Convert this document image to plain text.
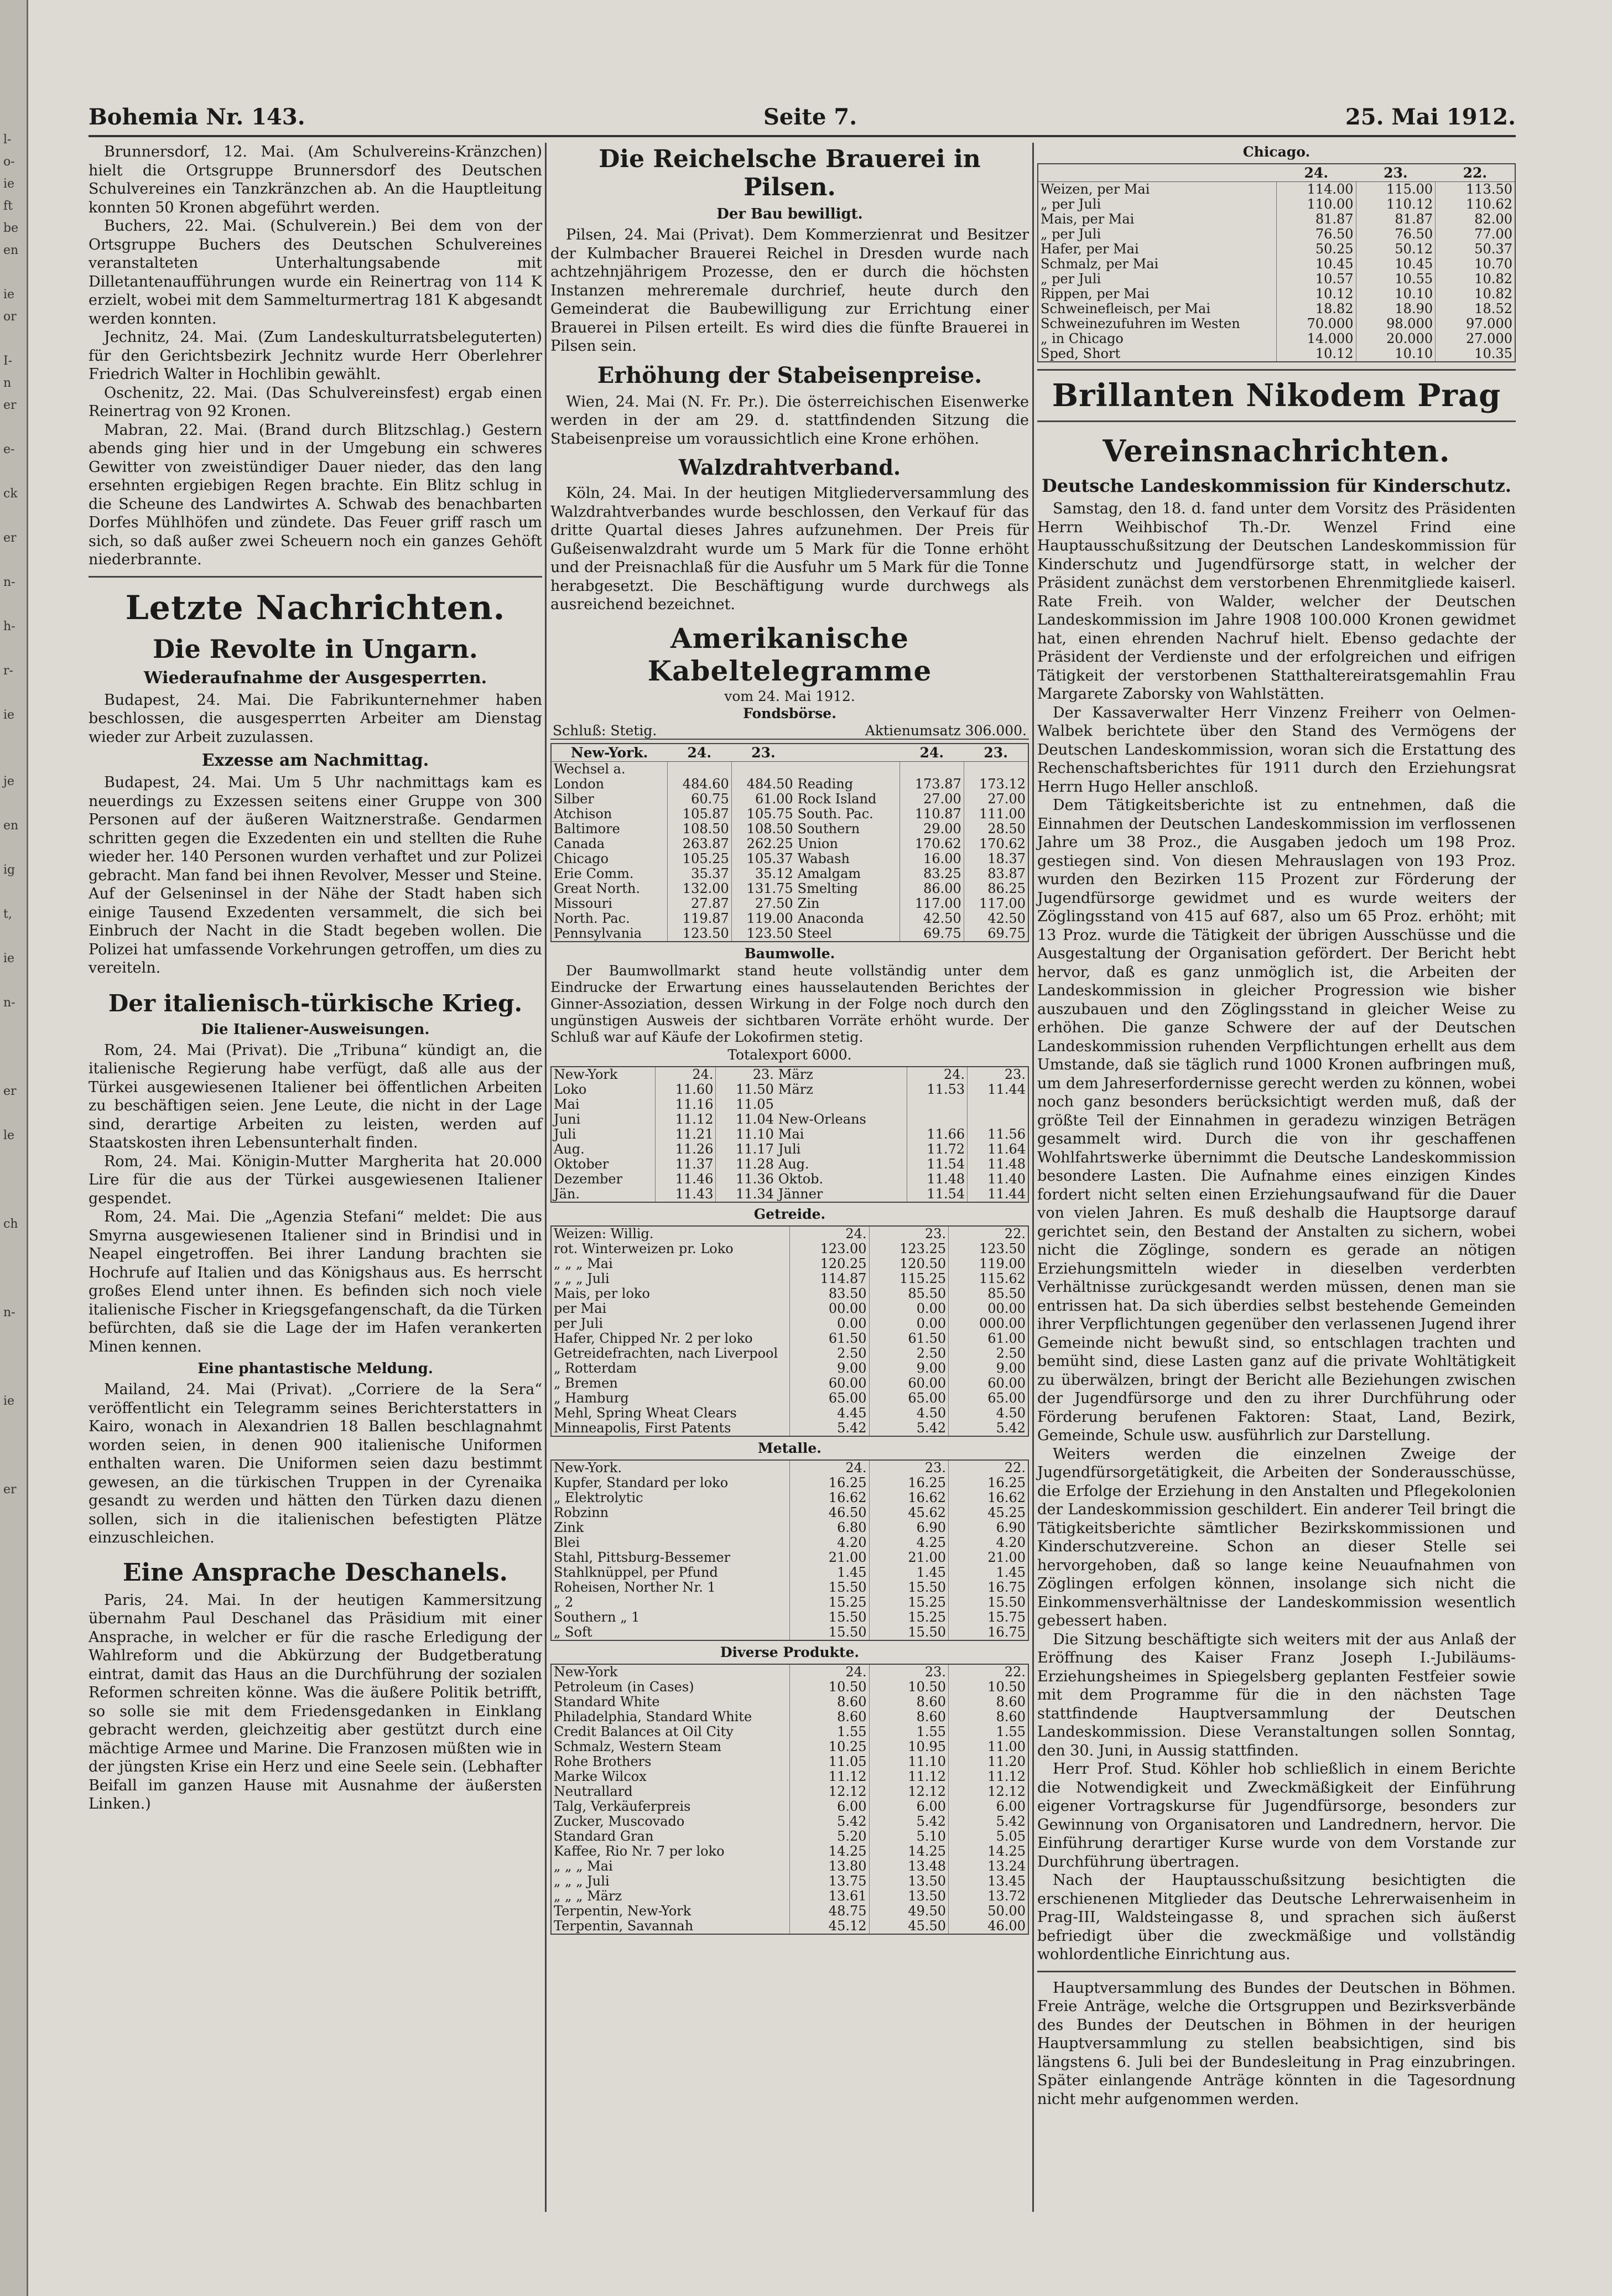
l-
o-
ie
ft
be
en
ie
or
I-
n
er
e-
ck
er
n-
h-
r-
ie
je
en
ig
t,
ie
n-
er
le
ch
n-
ie
er
Bohemia Nr. 143.	Seite 7.	25. Mai 1912.

Brunnersdorf, 12. Mai. (Am Schulvereins-Kränzchen) hielt die Ortsgruppe Brunnersdorf des Deutschen Schulvereines ein Tanzkränzchen ab. An die Hauptleitung konnten 50 Kronen abgeführt werden.

Buchers, 22. Mai. (Schulverein.) Bei dem von der Ortsgruppe Buchers des Deutschen Schulvereines veranstalteten Unterhaltungsabende mit Dilletantenaufführungen wurde ein Reinertrag von 114 K erzielt, wobei mit dem Sammelturmertrag 181 K abgesandt werden konnten.

Jechnitz, 24. Mai. (Zum Landeskulturratsbeleguterten) für den Gerichtsbezirk Jechnitz wurde Herr Oberlehrer Friedrich Walter in Hochlibin gewählt.

Oschenitz, 22. Mai. (Das Schulvereinsfest) ergab einen Reinertrag von 92 Kronen.

Mabran, 22. Mai. (Brand durch Blitzschlag.) Gestern abends ging hier und in der Umgebung ein schweres Gewitter von zweistündiger Dauer nieder, das den lang ersehnten ergiebigen Regen brachte. Ein Blitz schlug in die Scheune des Landwirtes A. Schwab des benachbarten Dorfes Mühlhöfen und zündete. Das Feuer griff rasch um sich, so daß außer zwei Scheuern noch ein ganzes Gehöft niederbrannte.

Letzte Nachrichten.
Die Revolte in Ungarn.
Wiederaufnahme der Ausgesperrten.

Budapest, 24. Mai. Die Fabrikunternehmer haben beschlossen, die ausgesperrten Arbeiter am Dienstag wieder zur Arbeit zuzulassen.

Exzesse am Nachmittag.

Budapest, 24. Mai. Um 5 Uhr nachmittags kam es neuerdings zu Exzessen seitens einer Gruppe von 300 Personen auf der äußeren Waitznerstraße. Gendarmen schritten gegen die Exzedenten ein und stellten die Ruhe wieder her. 140 Personen wurden verhaftet und zur Polizei gebracht. Man fand bei ihnen Revolver, Messer und Steine. Auf der Gelseninsel in der Nähe der Stadt haben sich einige Tausend Exzedenten versammelt, die sich bei Einbruch der Nacht in die Stadt begeben wollen. Die Polizei hat umfassende Vorkehrungen getroffen, um dies zu vereiteln.

Der italienisch-türkische Krieg.
Die Italiener-Ausweisungen.

Rom, 24. Mai (Privat). Die „Tribuna“ kündigt an, die italienische Regierung habe verfügt, daß alle aus der Türkei ausgewiesenen Italiener bei öffentlichen Arbeiten zu beschäftigen seien. Jene Leute, die nicht in der Lage sind, derartige Arbeiten zu leisten, werden auf Staatskosten ihren Lebensunterhalt finden.

Rom, 24. Mai. Königin-Mutter Margherita hat 20.000 Lire für die aus der Türkei ausgewiesenen Italiener gespendet.

Rom, 24. Mai. Die „Agenzia Stefani“ meldet: Die aus Smyrna ausgewiesenen Italiener sind in Brindisi und in Neapel eingetroffen. Bei ihrer Landung brachten sie Hochrufe auf Italien und das Königshaus aus. Es herrscht großes Elend unter ihnen. Es befinden sich noch viele italienische Fischer in Kriegsgefangenschaft, da die Türken befürchten, daß sie die Lage der im Hafen verankerten Minen kennen.

Eine phantastische Meldung.

Mailand, 24. Mai (Privat). „Corriere de la Sera“ veröffentlicht ein Telegramm seines Berichterstatters in Kairo, wonach in Alexandrien 18 Ballen beschlagnahmt worden seien, in denen 900 italienische Uniformen enthalten waren. Die Uniformen seien dazu bestimmt gewesen, an die türkischen Truppen in der Cyrenaika gesandt zu werden und hätten den Türken dazu dienen sollen, sich in die italienischen befestigten Plätze einzuschleichen.

Eine Ansprache Deschanels.

Paris, 24. Mai. In der heutigen Kammersitzung übernahm Paul Deschanel das Präsidium mit einer Ansprache, in welcher er für die rasche Erledigung der Wahlreform und die Abkürzung der Budgetberatung eintrat, damit das Haus an die Durchführung der sozialen Reformen schreiten könne. Was die äußere Politik betrifft, so solle sie mit dem Friedensgedanken in Einklang gebracht werden, gleichzeitig aber gestützt durch eine mächtige Armee und Marine. Die Franzosen müßten wie in der jüngsten Krise ein Herz und eine Seele sein. (Lebhafter Beifall im ganzen Hause mit Ausnahme der äußersten Linken.)

Die Reichelsche Brauerei in Pilsen.
Der Bau bewilligt.

Pilsen, 24. Mai (Privat). Dem Kommerzienrat und Besitzer der Kulmbacher Brauerei Reichel in Dresden wurde nach achtzehnjährigem Prozesse, den er durch die höchsten Instanzen mehreremale durchrief, heute durch den Gemeinderat die Baubewilligung zur Errichtung einer Brauerei in Pilsen erteilt. Es wird dies die fünfte Brauerei in Pilsen sein.

Erhöhung der Stabeisenpreise.

Wien, 24. Mai (N. Fr. Pr.). Die österreichischen Eisenwerke werden in der am 29. d. stattfindenden Sitzung die Stabeisenpreise um voraussichtlich eine Krone erhöhen.

Walzdrahtverband.

Köln, 24. Mai. In der heutigen Mitgliederversammlung des Walzdrahtverbandes wurde beschlossen, den Verkauf für das dritte Quartal dieses Jahres aufzunehmen. Der Preis für Gußeisenwalzdraht wurde um 5 Mark für die Tonne erhöht und der Preisnachlaß für die Ausfuhr um 5 Mark für die Tonne herabgesetzt. Die Beschäftigung wurde durchwegs als ausreichend bezeichnet.

Amerikanische Kabeltelegramme
vom 24. Mai 1912.
Fondsbörse.
Schluß: Stetig.	Aktienumsatz 306.000.
New-York.	24.	23.		24.	23.
Wechsel a.					
London	484.60	484.50	Reading	173.87	173.12
Silber	60.75	61.00	Rock Island	27.00	27.00
Atchison	105.87	105.75	South. Pac.	110.87	111.00
Baltimore	108.50	108.50	Southern	29.00	28.50
Canada	263.87	262.25	Union	170.62	170.62
Chicago	105.25	105.37	Wabash	16.00	18.37
Erie Comm.	35.37	35.12	Amalgam	83.25	83.87
Great North.	132.00	131.75	Smelting	86.00	86.25
Missouri	27.87	27.50	Zin	117.00	117.00
North. Pac.	119.87	119.00	Anaconda	42.50	42.50
Pennsylvania	123.50	123.50	Steel	69.75	69.75
Baumwolle.

Der Baumwollmarkt stand heute vollständig unter dem Eindrucke der Erwartung eines hausselautenden Berichtes der Ginner-Assoziation, dessen Wirkung in der Folge noch durch den ungünstigen Ausweis der sichtbaren Vorräte erhöht wurde. Der Schluß war auf Käufe der Lokofirmen stetig.

Totalexport 6000.
New-York	24.	23.	März	24.	23.
Loko	11.60	11.50	März	11.53	11.44
Mai	11.16	11.05			
Juni	11.12	11.04	New-Orleans		
Juli	11.21	11.10	Mai	11.66	11.56
Aug.	11.26	11.17	Juli	11.72	11.64
Oktober	11.37	11.28	Aug.	11.54	11.48
Dezember	11.46	11.36	Oktob.	11.48	11.40
Jän.	11.43	11.34	Jänner	11.54	11.44
Getreide.
Weizen: Willig.	24.	23.	22.
rot. Winterweizen pr. Loko	123.00	123.25	123.50
„ „ „ Mai	120.25	120.50	119.00
„ „ „ Juli	114.87	115.25	115.62
Mais, per loko	83.50	85.50	85.50
per Mai	00.00	0.00	00.00
per Juli	0.00	0.00	000.00
Hafer, Chipped Nr. 2 per loko	61.50	61.50	61.00
Getreidefrachten, nach Liverpool	2.50	2.50	2.50
„ Rotterdam	9.00	9.00	9.00
„ Bremen	60.00	60.00	60.00
„ Hamburg	65.00	65.00	65.00
Mehl, Spring Wheat Clears	4.45	4.50	4.50
Minneapolis, First Patents	5.42	5.42	5.42
Metalle.
New-York.	24.	23.	22.
Kupfer, Standard per loko	16.25	16.25	16.25
„ Elektrolytic	16.62	16.62	16.62
Robzinn	46.50	45.62	45.25
Zink	6.80	6.90	6.90
Blei	4.20	4.25	4.20
Stahl, Pittsburg-Bessemer	21.00	21.00	21.00
Stahlknüppel, per Pfund	1.45	1.45	1.45
Roheisen, Norther Nr. 1	15.50	15.50	16.75
„ 2	15.25	15.25	15.50
Southern „ 1	15.50	15.25	15.75
„ Soft	15.50	15.50	16.75
Diverse Produkte.
New-York	24.	23.	22.
Petroleum (in Cases)	10.50	10.50	10.50
Standard White	8.60	8.60	8.60
Philadelphia, Standard White	8.60	8.60	8.60
Credit Balances at Oil City	1.55	1.55	1.55
Schmalz, Western Steam	10.25	10.95	11.00
Rohe Brothers	11.05	11.10	11.20
Marke Wilcox	11.12	11.12	11.12
Neutrallard	12.12	12.12	12.12
Talg, Verkäuferpreis	6.00	6.00	6.00
Zucker, Muscovado	5.42	5.42	5.42
Standard Gran	5.20	5.10	5.05
Kaffee, Rio Nr. 7 per loko	14.25	14.25	14.25
„ „ „ Mai	13.80	13.48	13.24
„ „ „ Juli	13.75	13.50	13.45
„ „ „ März	13.61	13.50	13.72
Terpentin, New-York	48.75	49.50	50.00
Terpentin, Savannah	45.12	45.50	46.00
Chicago.
	24.	23.	22.
Weizen, per Mai	114.00	115.00	113.50
„ per Juli	110.00	110.12	110.62
Mais, per Mai	81.87	81.87	82.00
„ per Juli	76.50	76.50	77.00
Hafer, per Mai	50.25	50.12	50.37
Schmalz, per Mai	10.45	10.45	10.70
„ per Juli	10.57	10.55	10.82
Rippen, per Mai	10.12	10.10	10.82
Schweinefleisch, per Mai	18.82	18.90	18.52
Schweinezufuhren im Westen	70.000	98.000	97.000
„ in Chicago	14.000	20.000	27.000
Sped, Short	10.12	10.10	10.35
Brillanten Nikodem Prag
Vereinsnachrichten.
Deutsche Landeskommission für Kinderschutz.

Samstag, den 18. d. fand unter dem Vorsitz des Präsidenten Herrn Weihbischof Th.-Dr. Wenzel Frind eine Hauptausschußsitzung der Deutschen Landeskommission für Kinderschutz und Jugendfürsorge statt, in welcher der Präsident zunächst dem verstorbenen Ehrenmitgliede kaiserl. Rate Freih. von Walder, welcher der Deutschen Landeskommission im Jahre 1908 100.000 Kronen gewidmet hat, einen ehrenden Nachruf hielt. Ebenso gedachte der Präsident der Verdienste und der erfolgreichen und eifrigen Tätigkeit der verstorbenen Statthaltereiratsgemahlin Frau Margarete Zaborsky von Wahlstätten.

Der Kassaverwalter Herr Vinzenz Freiherr von Oelmen-Walbek berichtete über den Stand des Vermögens der Deutschen Landeskommission, woran sich die Erstattung des Rechenschaftsberichtes für 1911 durch den Erziehungsrat Herrn Hugo Heller anschloß.

Dem Tätigkeitsberichte ist zu entnehmen, daß die Einnahmen der Deutschen Landeskommission im verflossenen Jahre um 38 Proz., die Ausgaben jedoch um 198 Proz. gestiegen sind. Von diesen Mehrauslagen von 193 Proz. wurden den Bezirken 115 Prozent zur Förderung der Jugendfürsorge gewidmet und es wurde weiters der Zöglingsstand von 415 auf 687, also um 65 Proz. erhöht; mit 13 Proz. wurde die Tätigkeit der übrigen Ausschüsse und die Ausgestaltung der Organisation gefördert. Der Bericht hebt hervor, daß es ganz unmöglich ist, die Arbeiten der Landeskommission in gleicher Progression wie bisher auszubauen und den Zöglingsstand in gleicher Weise zu erhöhen. Die ganze Schwere der auf der Deutschen Landeskommission ruhenden Verpflichtungen erhellt aus dem Umstande, daß sie täglich rund 1000 Kronen aufbringen muß, um dem Jahreserfordernisse gerecht werden zu können, wobei noch ganz besonders berücksichtigt werden muß, daß der größte Teil der Einnahmen in geradezu winzigen Beträgen gesammelt wird. Durch die von ihr geschaffenen Wohlfahrtswerke übernimmt die Deutsche Landeskommission besondere Lasten. Die Aufnahme eines einzigen Kindes fordert nicht selten einen Erziehungsaufwand für die Dauer von vielen Jahren. Es muß deshalb die Hauptsorge darauf gerichtet sein, den Bestand der Anstalten zu sichern, wobei nicht die Zöglinge, sondern es gerade an nötigen Erziehungsmitteln wieder in dieselben verderbten Verhältnisse zurückgesandt werden müssen, denen man sie entrissen hat. Da sich überdies selbst bestehende Gemeinden ihrer Verpflichtungen gegenüber den verlassenen Jugend ihrer Gemeinde nicht bewußt sind, so entschlagen trachten und bemüht sind, diese Lasten ganz auf die private Wohltätigkeit zu überwälzen, bringt der Bericht alle Beziehungen zwischen der Jugendfürsorge und den zu ihrer Durchführung oder Förderung berufenen Faktoren: Staat, Land, Bezirk, Gemeinde, Schule usw. ausführlich zur Darstellung.

Weiters werden die einzelnen Zweige der Jugendfürsorgetätigkeit, die Arbeiten der Sonderausschüsse, die Erfolge der Erziehung in den Anstalten und Pflegekolonien der Landeskommission geschildert. Ein anderer Teil bringt die Tätigkeitsberichte sämtlicher Bezirkskommissionen und Kinderschutzvereine. Schon an dieser Stelle sei hervorgehoben, daß so lange keine Neuaufnahmen von Zöglingen erfolgen können, insolange sich nicht die Einkommensverhältnisse der Landeskommission wesentlich gebessert haben.

Die Sitzung beschäftigte sich weiters mit der aus Anlaß der Eröffnung des Kaiser Franz Joseph I.-Jubiläums-Erziehungsheimes in Spiegelsberg geplanten Festfeier sowie mit dem Programme für die in den nächsten Tage stattfindende Hauptversammlung der Deutschen Landeskommission. Diese Veranstaltungen sollen Sonntag, den 30. Juni, in Aussig stattfinden.

Herr Prof. Stud. Köhler hob schließlich in einem Berichte die Notwendigkeit und Zweckmäßigkeit der Einführung eigener Vortragskurse für Jugendfürsorge, besonders zur Gewinnung von Organisatoren und Landrednern, hervor. Die Einführung derartiger Kurse wurde von dem Vorstande zur Durchführung übertragen.

Nach der Hauptausschußsitzung besichtigten die erschienenen Mitglieder das Deutsche Lehrerwaisenheim in Prag-III, Waldsteingasse 8, und sprachen sich äußerst befriedigt über die zweckmäßige und vollständig wohlordentliche Einrichtung aus.

Hauptversammlung des Bundes der Deutschen in Böhmen. Freie Anträge, welche die Ortsgruppen und Bezirksverbände des Bundes der Deutschen in Böhmen in der heurigen Hauptversammlung zu stellen beabsichtigen, sind bis längstens 6. Juli bei der Bundesleitung in Prag einzubringen. Später einlangende Anträge könnten in die Tagesordnung nicht mehr aufgenommen werden.
